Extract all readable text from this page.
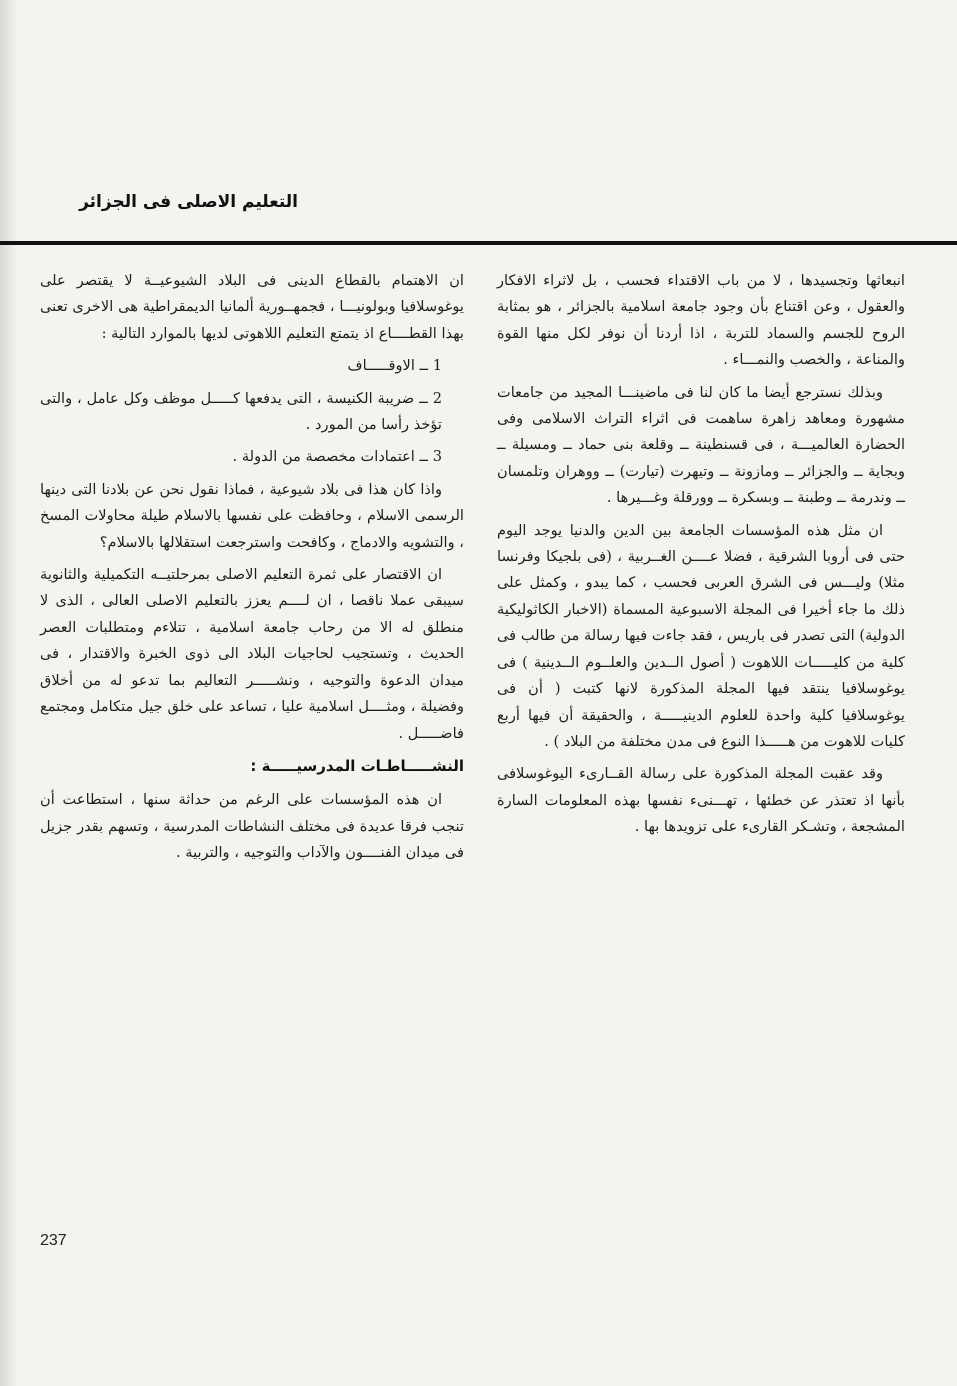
التعليم الاصلى فى الجزائر

انبعاثها وتجسيدها ، لا من باب الاقتداء فحسب ، بل لاثراء الافكار والعقول ، وعن اقتناع بأن وجود جامعة اسلامية بالجزائر ، هو بمثابة الروح للجسم والسماد للتربة ، اذا أردنا أن نوفر لكل منها القوة والمناعة ، والخصب والنمـــاء .

وبذلك نسترجع أيضا ما كان لنا فى ماضينـــا المجيد من جامعات مشهورة ومعاهد زاهرة ساهمت فى اثراء التراث الاسلامى وفى الحضارة العالميـــة ، فى قسنطينة ــ وقلعة بنى حماد ــ ومسيلة ــ وبجاية ــ والجزائر ــ ومازونة ــ وتيهرت (تيارت) ــ ووهران وتلمسان ــ وندرمة ــ وطبنة ــ وبسكرة ــ وورقلة وغـــيرها .

ان مثل هذه المؤسسات الجامعة بين الدين والدنيا يوجد اليوم حتى فى أروبا الشرقية ، فضلا عــــن الغــربية ، (فى بلجيكا وفرنسا مثلا) وليـــس فى الشرق العربى فحسب ، كما يبدو ، وكمثل على ذلك ما جاء أخيرا فى المجلة الاسبوعية المسماة (الاخبار الكاثوليكية الدولية) التى تصدر فى باريس ، فقد جاءت فيها رسالة من طالب فى كلية من كليـــــات اللاهوت ( أصول الــدين والعلــوم الــدينية ) فى يوغوسلافيا ينتقد فيها المجلة المذكورة لانها كتبت ( أن فى يوغوسلافيا كلية واحدة للعلوم الدينيـــــة ، والحقيقة أن فيها أربع كليات للاهوت من هـــــذا النوع فى مدن مختلفة من البلاد ) .

وقد عقبت المجلة المذكورة على رسالة القــارىء اليوغوسلافى بأنها اذ تعتذر عن خطئها ، تهـــنىء نفسها بهذه المعلومات السارة المشجعة ، وتشـكر القارىء على تزويدها بها .

ان الاهتمام بالقطاع الدينى فى البلاد الشيوعيــة لا يقتصر على يوغوسلافيا وبولونيـــا ، فجمهــورية ألمانيا الديمقراطية هى الاخرى تعنى بهذا القطــــاع اذ يتمتع التعليم اللاهوتى لديها بالموارد التالية :

1 ــ الاوقـــــاف

2 ــ ضريبة الكنيسة ، التى يدفعها كـــــل موظف وكل عامل ، والتى تؤخذ رأسا من المورد .

3 ــ اعتمادات مخصصة من الدولة .

واذا كان هذا فى بلاد شيوعية ، فماذا نقول نحن عن بلادنا التى دينها الرسمى الاسلام ، وحافظت على نفسها بالاسلام طيلة محاولات المسخ ، والتشويه والادماج ، وكافحت واسترجعت استقلالها بالاسلام؟

ان الاقتصار على ثمرة التعليم الاصلى بمرحلتيــه التكميلية والثانوية سيبقى عملا ناقصا ، ان لــــم يعزز بالتعليم الاصلى العالى ، الذى لا منطلق له الا من رحاب جامعة اسلامية ، تتلاءم ومتطلبات العصر الحديث ، وتستجيب لحاجيات البلاد الى ذوى الخبرة والاقتدار ، فى ميدان الدعوة والتوجيه ، ونشـــــر التعاليم بما تدعو له من أخلاق وفضيلة ، ومثــــل اسلامية عليا ، تساعد على خلق جيل متكامل ومجتمع فاضـــــل .

النشـــــاطـات المدرسيـــــة :

ان هذه المؤسسات على الرغم من حداثة سنها ، استطاعت أن تنجب فرقا عديدة فى مختلف النشاطات المدرسية ، وتسهم بقدر جزيل فى ميدان الفنــــون والآداب والتوجيه ، والتربية .

237
